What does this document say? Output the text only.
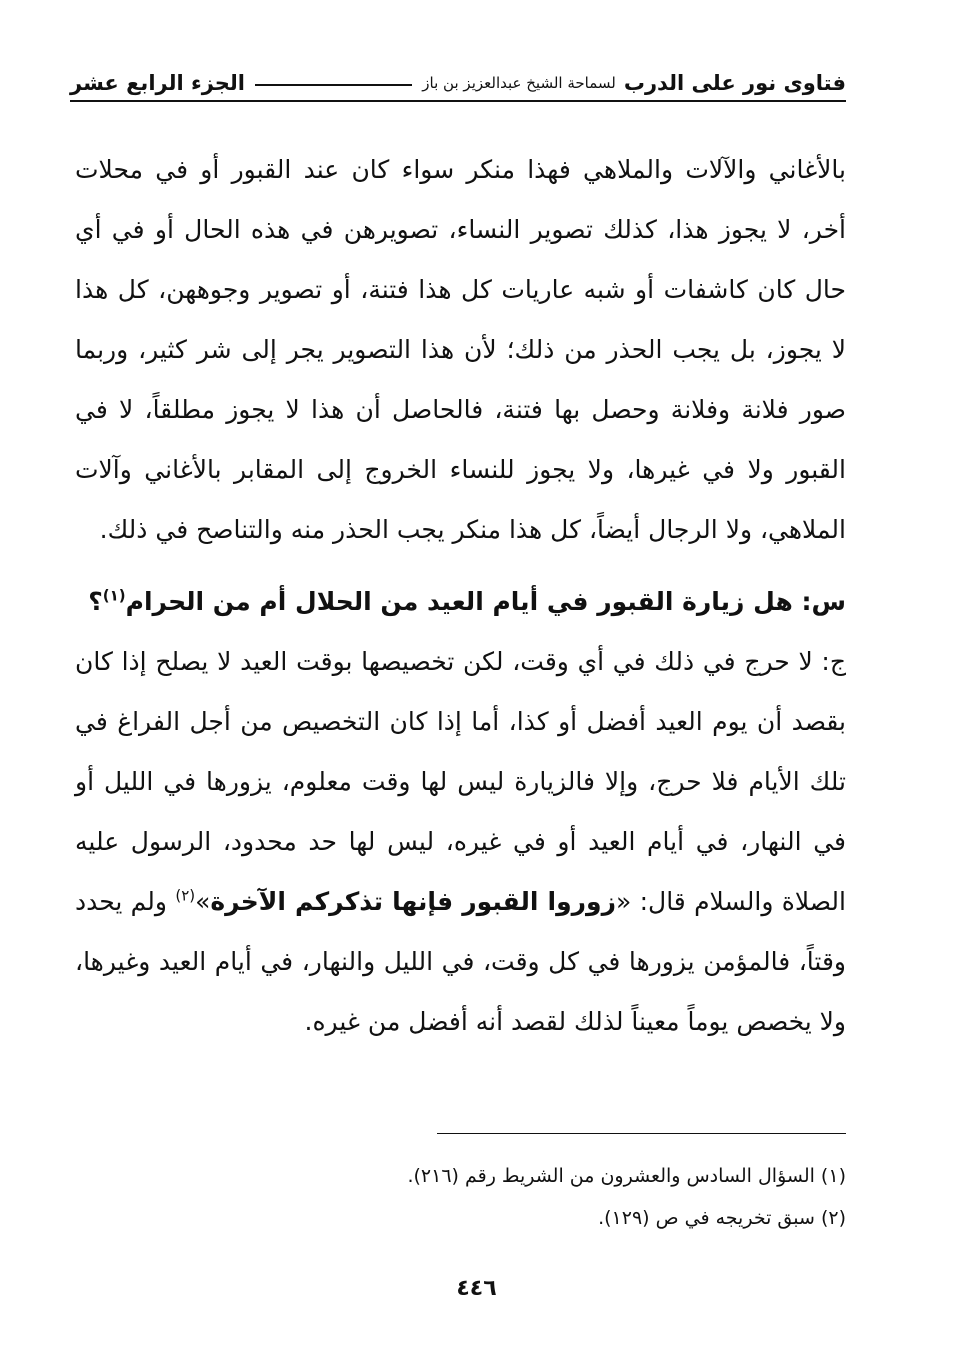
فتاوى نور على الدرب
لسماحة الشيخ عبدالعزيز بن باز
الجزء الرابع عشر

بالأغاني والآلات والملاهي فهذا منكر سواء كان عند القبور أو في محلات أخر، لا يجوز هذا، كذلك تصوير النساء، تصويرهن في هذه الحال أو في أي حال كان كاشفات أو شبه عاريات كل هذا فتنة، أو تصوير وجوههن، كل هذا لا يجوز، بل يجب الحذر من ذلك؛ لأن هذا التصوير يجر إلى شر كثير، وربما صور فلانة وفلانة وحصل بها فتنة، فالحاصل أن هذا لا يجوز مطلقاً، لا في القبور ولا في غيرها، ولا يجوز للنساء الخروج إلى المقابر بالأغاني وآلات الملاهي، ولا الرجال أيضاً، كل هذا منكر يجب الحذر منه والتناصح في ذلك.

س: هل زيارة القبور في أيام العيد من الحلال أم من الحرام$^{(١)}$؟

ج: لا حرج في ذلك في أي وقت، لكن تخصيصها بوقت العيد لا يصلح إذا كان بقصد أن يوم العيد أفضل أو كذا، أما إذا كان التخصيص من أجل الفراغ في تلك الأيام فلا حرج، وإلا فالزيارة ليس لها وقت معلوم، يزورها في الليل أو في النهار، في أيام العيد أو في غيره، ليس لها حد محدود، الرسول عليه الصلاة والسلام قال: «زوروا القبور فإنها تذكركم الآخرة»$^{(٢)}$ ولم يحدد وقتاً، فالمؤمن يزورها في كل وقت، في الليل والنهار، في أيام العيد وغيرها، ولا يخصص يوماً معيناً لذلك لقصد أنه أفضل من غيره.

(١) السؤال السادس والعشرون من الشريط رقم (٢١٦).

(٢) سبق تخريجه في ص (١٢٩).

٤٤٦
